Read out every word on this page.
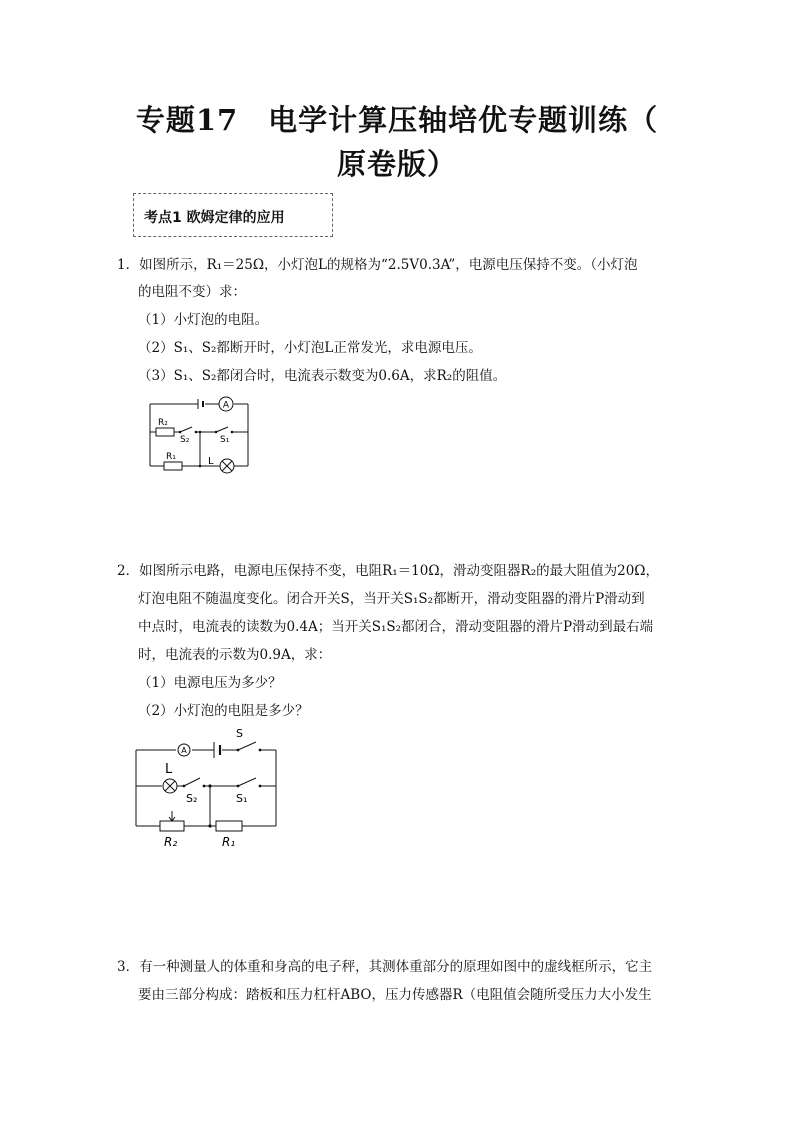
专题17　电学计算压轴培优专题训练（
原卷版）
考点1 欧姆定律的应用
1．如图所示，R₁＝25Ω，小灯泡L的规格为“2.5V0.3A”，电源电压保持不变。（小灯泡
的电阻不变）求：
（1）小灯泡的电阻。
（2）S₁、S₂都断开时，小灯泡L正常发光，求电源电压。
（3）S₁、S₂都闭合时，电流表示数变为0.6A，求R₂的阻值。
A
R₂
S₂	S₁
R₁	L
2．如图所示电路，电源电压保持不变，电阻R₁＝10Ω，滑动变阻器R₂的最大阻值为20Ω，
灯泡电阻不随温度变化。闭合开关S，当开关S₁S₂都断开，滑动变阻器的滑片P滑动到
中点时，电流表的读数为0.4A；当开关S₁S₂都闭合，滑动变阻器的滑片P滑动到最右端
时，电流表的示数为0.9A，求：
（1）电源电压为多少？
（2）小灯泡的电阻是多少？
A
S
L
S₂	S₁
R₂	R₁
3．有一种测量人的体重和身高的电子秤，其测体重部分的原理如图中的虚线框所示，它主
要由三部分构成：踏板和压力杠杆ABO，压力传感器R（电阻值会随所受压力大小发生
